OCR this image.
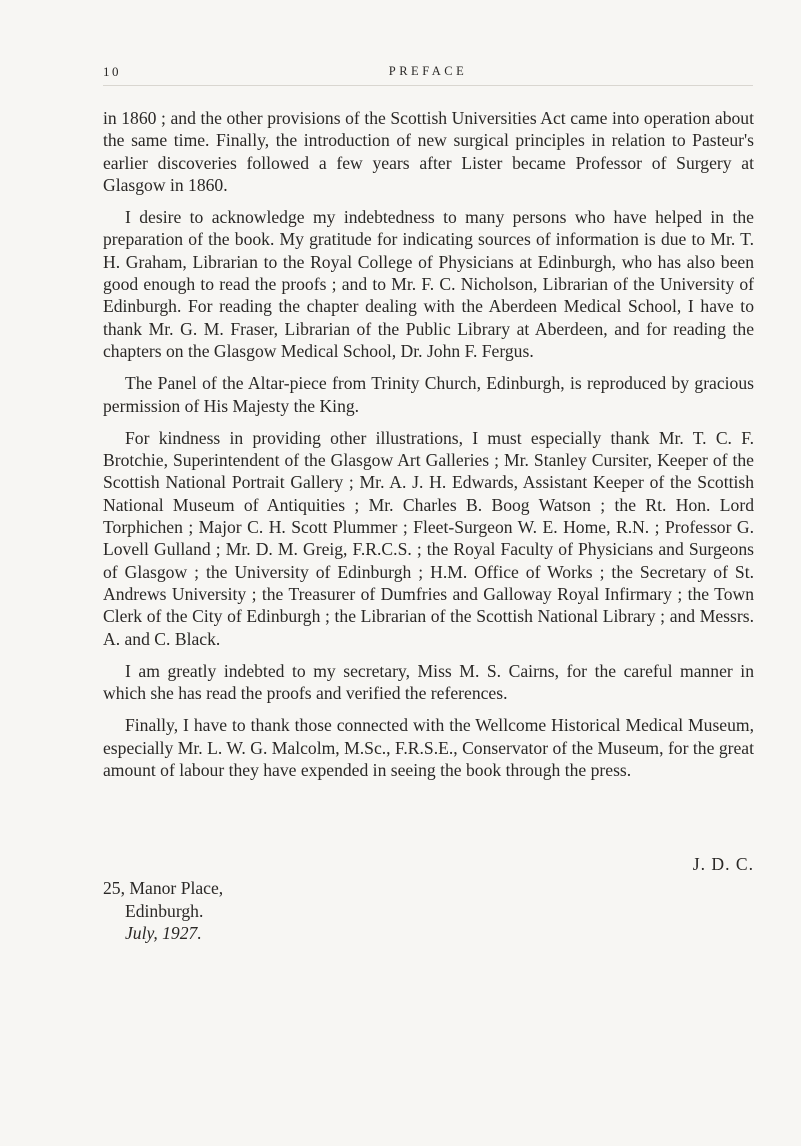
10	PREFACE

in 1860 ; and the other provisions of the Scottish Universities Act came into operation about the same time. Finally, the introduction of new surgical principles in relation to Pasteur's earlier discoveries followed a few years after Lister became Professor of Surgery at Glasgow in 1860.

I desire to acknowledge my indebtedness to many persons who have helped in the preparation of the book. My gratitude for indicating sources of information is due to Mr. T. H. Graham, Librarian to the Royal College of Physicians at Edinburgh, who has also been good enough to read the proofs ; and to Mr. F. C. Nicholson, Librarian of the University of Edinburgh. For reading the chapter dealing with the Aberdeen Medical School, I have to thank Mr. G. M. Fraser, Librarian of the Public Library at Aberdeen, and for reading the chapters on the Glasgow Medical School, Dr. John F. Fergus.

The Panel of the Altar-piece from Trinity Church, Edinburgh, is reproduced by gracious permission of His Majesty the King.

For kindness in providing other illustrations, I must especially thank Mr. T. C. F. Brotchie, Superintendent of the Glasgow Art Galleries ; Mr. Stanley Cursiter, Keeper of the Scottish National Portrait Gallery ; Mr. A. J. H. Edwards, Assistant Keeper of the Scottish National Museum of Antiquities ; Mr. Charles B. Boog Watson ; the Rt. Hon. Lord Torphichen ; Major C. H. Scott Plummer ; Fleet-Surgeon W. E. Home, R.N. ; Professor G. Lovell Gulland ; Mr. D. M. Greig, F.R.C.S. ; the Royal Faculty of Physicians and Surgeons of Glasgow ; the University of Edinburgh ; H.M. Office of Works ; the Secretary of St. Andrews University ; the Treasurer of Dumfries and Galloway Royal Infirmary ; the Town Clerk of the City of Edinburgh ; the Librarian of the Scottish National Library ; and Messrs. A. and C. Black.

I am greatly indebted to my secretary, Miss M. S. Cairns, for the careful manner in which she has read the proofs and verified the references.

Finally, I have to thank those connected with the Wellcome Historical Medical Museum, especially Mr. L. W. G. Malcolm, M.Sc., F.R.S.E., Conservator of the Museum, for the great amount of labour they have expended in seeing the book through the press.

J. D. C.
25, Manor Place,
Edinburgh.
July, 1927.
